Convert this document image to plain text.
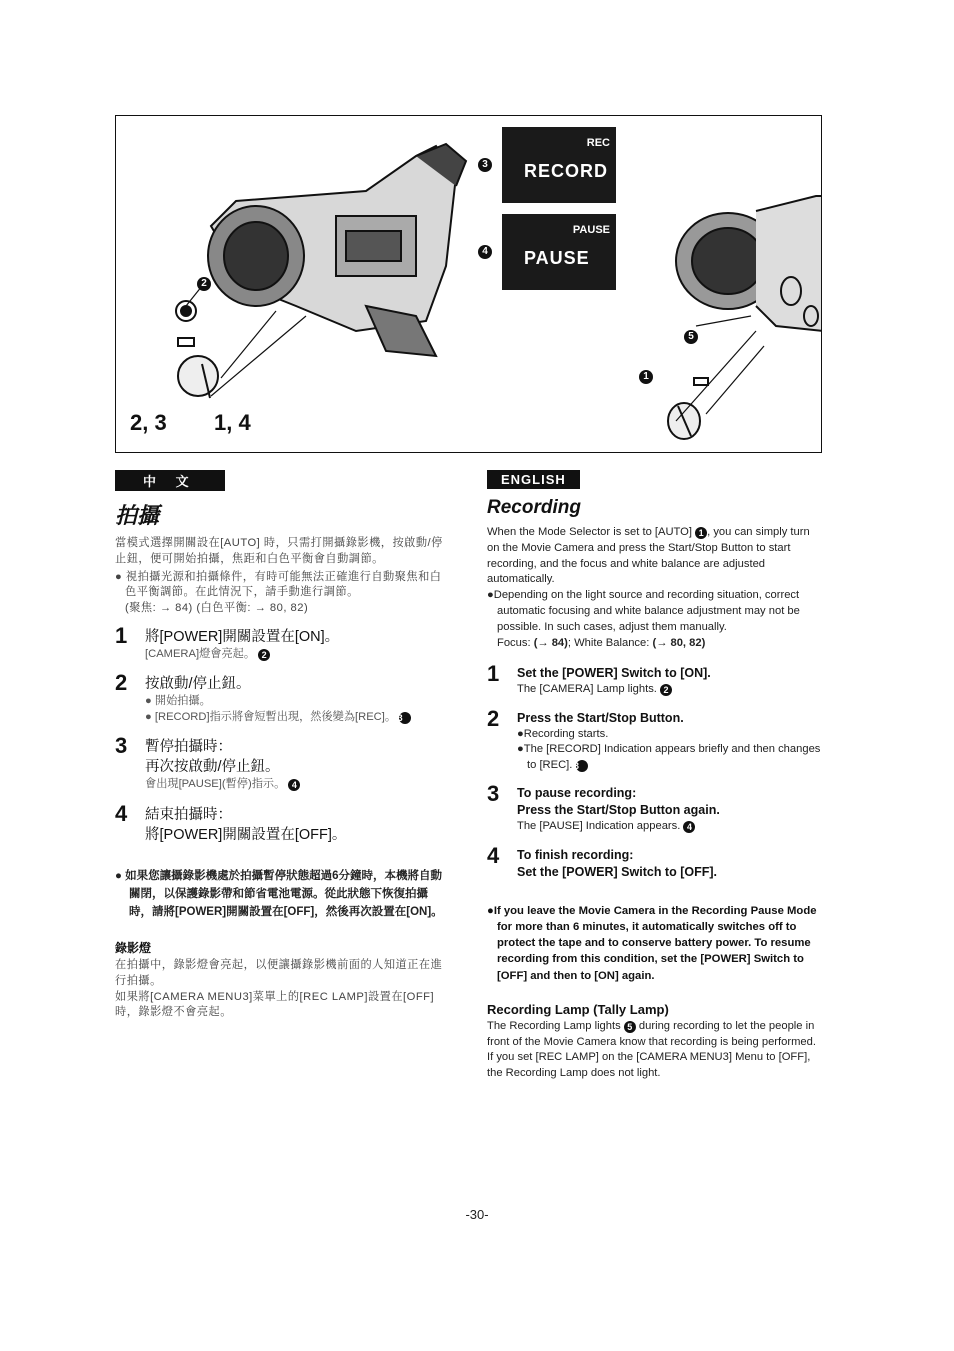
2
3
4
5
1
REC
RECORD
PAUSE
PAUSE
2, 3 1, 4
中 文
拍攝

當模式選擇開關設在[AUTO] 時，只需打開攝錄影機，按啟動/停止鈕，便可開始拍攝，焦距和白色平衡會自動調節。

● 視拍攝光源和拍攝條件，有時可能無法正確進行自動聚焦和白色平衡調節。在此情況下，請手動進行調節。
(聚焦: → 84) (白色平衡: → 80, 82)

1 將[POWER]開關設置在[ON]。
[CAMERA]燈會亮起。 2
2 按啟動/停止鈕。
● 開始拍攝。
● [RECORD]指示將會短暫出現，然後變為[REC]。 3
3 暫停拍攝時：
再次按啟動/停止鈕。
會出現[PAUSE](暫停)指示。 4
4 結束拍攝時：
將[POWER]開關設置在[OFF]。

● 如果您讓攝錄影機處於拍攝暫停狀態超過6分鐘時，本機將自動關閉，以保護錄影帶和節省電池電源。從此狀態下恢復拍攝時，請將[POWER]開關設置在[OFF]，然後再次設置在[ON]。

錄影燈

在拍攝中，錄影燈會亮起，以便讓攝錄影機前面的人知道正在進行拍攝。

如果將[CAMERA MENU3]菜單上的[REC LAMP]設置在[OFF]時，錄影燈不會亮起。

ENGLISH
Recording

When the Mode Selector is set to [AUTO] 1 , you can simply turn on the Movie Camera and press the Start/Stop Button to start recording, and the focus and white balance are adjusted automatically.

●Depending on the light source and recording situation, correct automatic focusing and white balance adjustment may not be possible. In such cases, adjust them manually.

Focus: (→ 84); White Balance: (→ 80, 82)

1 Set the [POWER] Switch to [ON].
The [CAMERA] Lamp lights. 2
2 Press the Start/Stop Button.
●Recording starts.
●The [RECORD] Indication appears briefly and then changes to [REC]. 3
3 To pause recording:
Press the Start/Stop Button again.
The [PAUSE] Indication appears. 4
4 To finish recording:
Set the [POWER] Switch to [OFF].

●If you leave the Movie Camera in the Recording Pause Mode for more than 6 minutes, it automatically switches off to protect the tape and to conserve battery power. To resume recording from this condition, set the [POWER] Switch to [OFF] and then to [ON] again.

Recording Lamp (Tally Lamp)

The Recording Lamp lights 5 during recording to let the people in front of the Movie Camera know that recording is being performed.

If you set [REC LAMP] on the [CAMERA MENU3] Menu to [OFF], the Recording Lamp does not light.

-30-
